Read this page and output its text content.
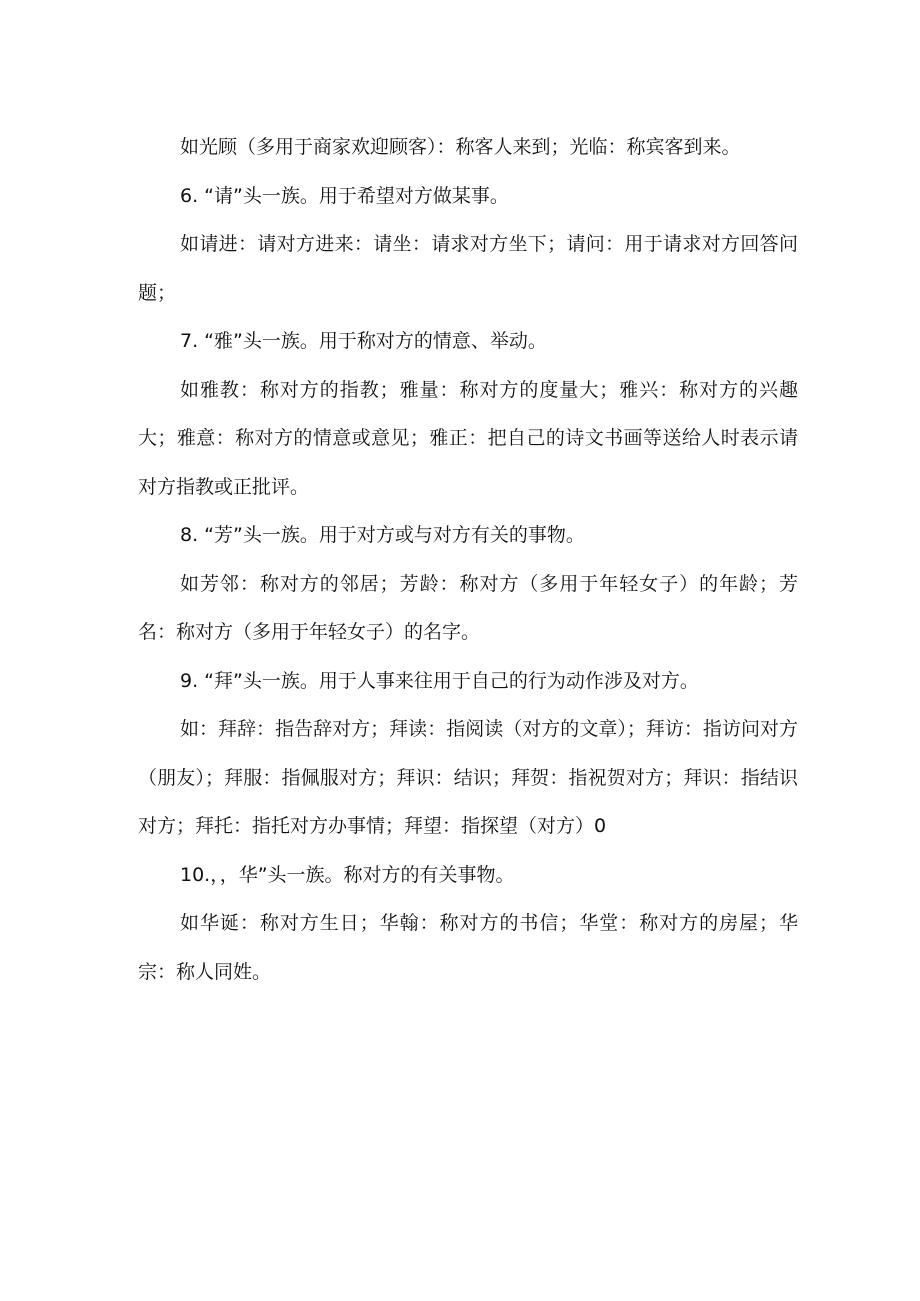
如光顾（多用于商家欢迎顾客）：称客人来到；光临：称宾客到来。

6. “请”头一族。用于希望对方做某事。

如请进：请对方进来：请坐：请求对方坐下；请问：用于请求对方回答问题；

7. “雅”头一族。用于称对方的情意、举动。

如雅教：称对方的指教；雅量：称对方的度量大；雅兴：称对方的兴趣大；雅意：称对方的情意或意见；雅正：把自己的诗文书画等送给人时表示请对方指教或正批评。

8. “芳”头一族。用于对方或与对方有关的事物。

如芳邻：称对方的邻居；芳龄：称对方（多用于年轻女子）的年龄；芳名：称对方（多用于年轻女子）的名字。

9. “拜”头一族。用于人事来往用于自己的行为动作涉及对方。

如：拜辞：指告辞对方；拜读：指阅读（对方的文章）；拜访：指访问对方（朋友）；拜服：指佩服对方；拜识：结识；拜贺：指祝贺对方；拜识：指结识对方；拜托：指托对方办事情；拜望：指探望（对方）0

10.，，华”头一族。称对方的有关事物。

如华诞：称对方生日；华翰：称对方的书信；华堂：称对方的房屋；华宗：称人同姓。
